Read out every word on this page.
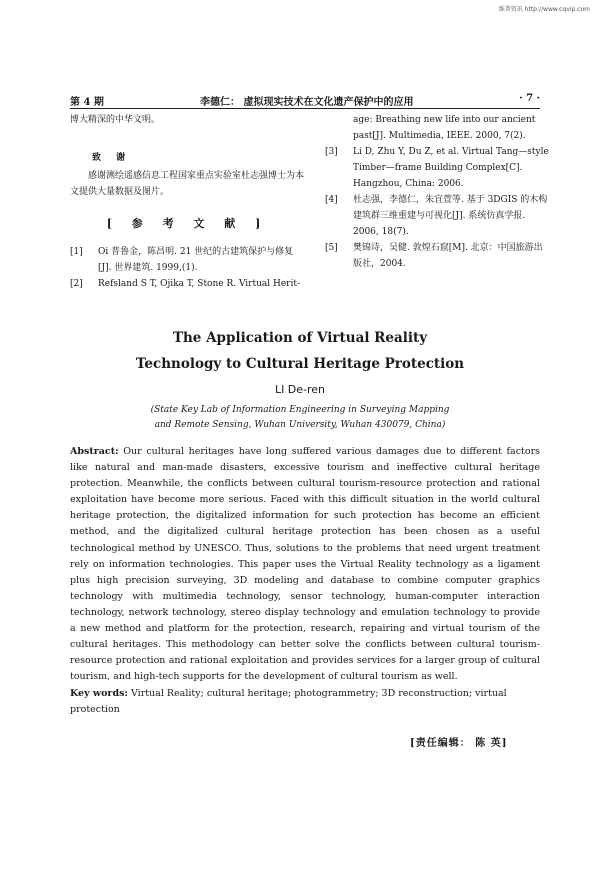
维普资讯 http://www.cqvip.com
第 4 期	李德仁： 虚拟现实技术在文化遗产保护中的应用	· 7 ·

博大精深的中华文明。

致 谢

感谢测绘遥感信息工程国家重点实验室杜志强博士为本文提供大量数据及图片。

[ 参 考 文 献 ]

[1] Oi 普鲁金，陈昌明. 21 世纪的古建筑保护与修复[J]. 世界建筑. 1999,(1).

[2] Refsland S T, Ojika T, Stone R. Virtual Herit-

age: Breathing new life into our ancient past[J]. Multimedia, IEEE. 2000, 7(2).

[3] Li D, Zhu Y, Du Z, et al. Virtual Tang—style Timber—frame Building Complex[C]. Hangzhou, China: 2006.

[4] 杜志强，李德仁，朱宜萱等. 基于 3DGIS 的木构建筑群三维重建与可视化[J]. 系统仿真学报. 2006, 18(7).

[5] 樊锦诗，吴健. 敦煌石窟[M]. 北京：中国旅游出版社，2004.

The Application of Virtual Reality
Technology to Cultural Heritage Protection
LI De-ren
(State Key Lab of Information Engineering in Surveying Mapping
and Remote Sensing, Wuhan University, Wuhan 430079, China)
Abstract: Our cultural heritages have long suffered various damages due to different factors like natural and man-made disasters, excessive tourism and ineffective cultural heritage protection. Meanwhile, the conflicts between cultural tourism-resource protection and rational exploitation have become more serious. Faced with this difficult situation in the world cultural heritage protection, the digitalized information for such protection has become an efficient method, and the digitalized cultural heritage protection has been chosen as a useful technological method by UNESCO. Thus, solutions to the problems that need urgent treatment rely on information technologies. This paper uses the Virtual Reality technology as a ligament plus high precision surveying, 3D modeling and database to combine computer graphics technology with multimedia technology, sensor technology, human-computer interaction technology, network technology, stereo display technology and emulation technology to provide a new method and platform for the protection, research, repairing and virtual tourism of the cultural heritages. This methodology can better solve the conflicts between cultural tourism-resource protection and rational exploitation and provides services for a larger group of cultural tourism, and high-tech supports for the development of cultural tourism as well.
Key words: Virtual Reality; cultural heritage; photogrammetry; 3D reconstruction; virtual protection
[责任编辑： 陈 英]
